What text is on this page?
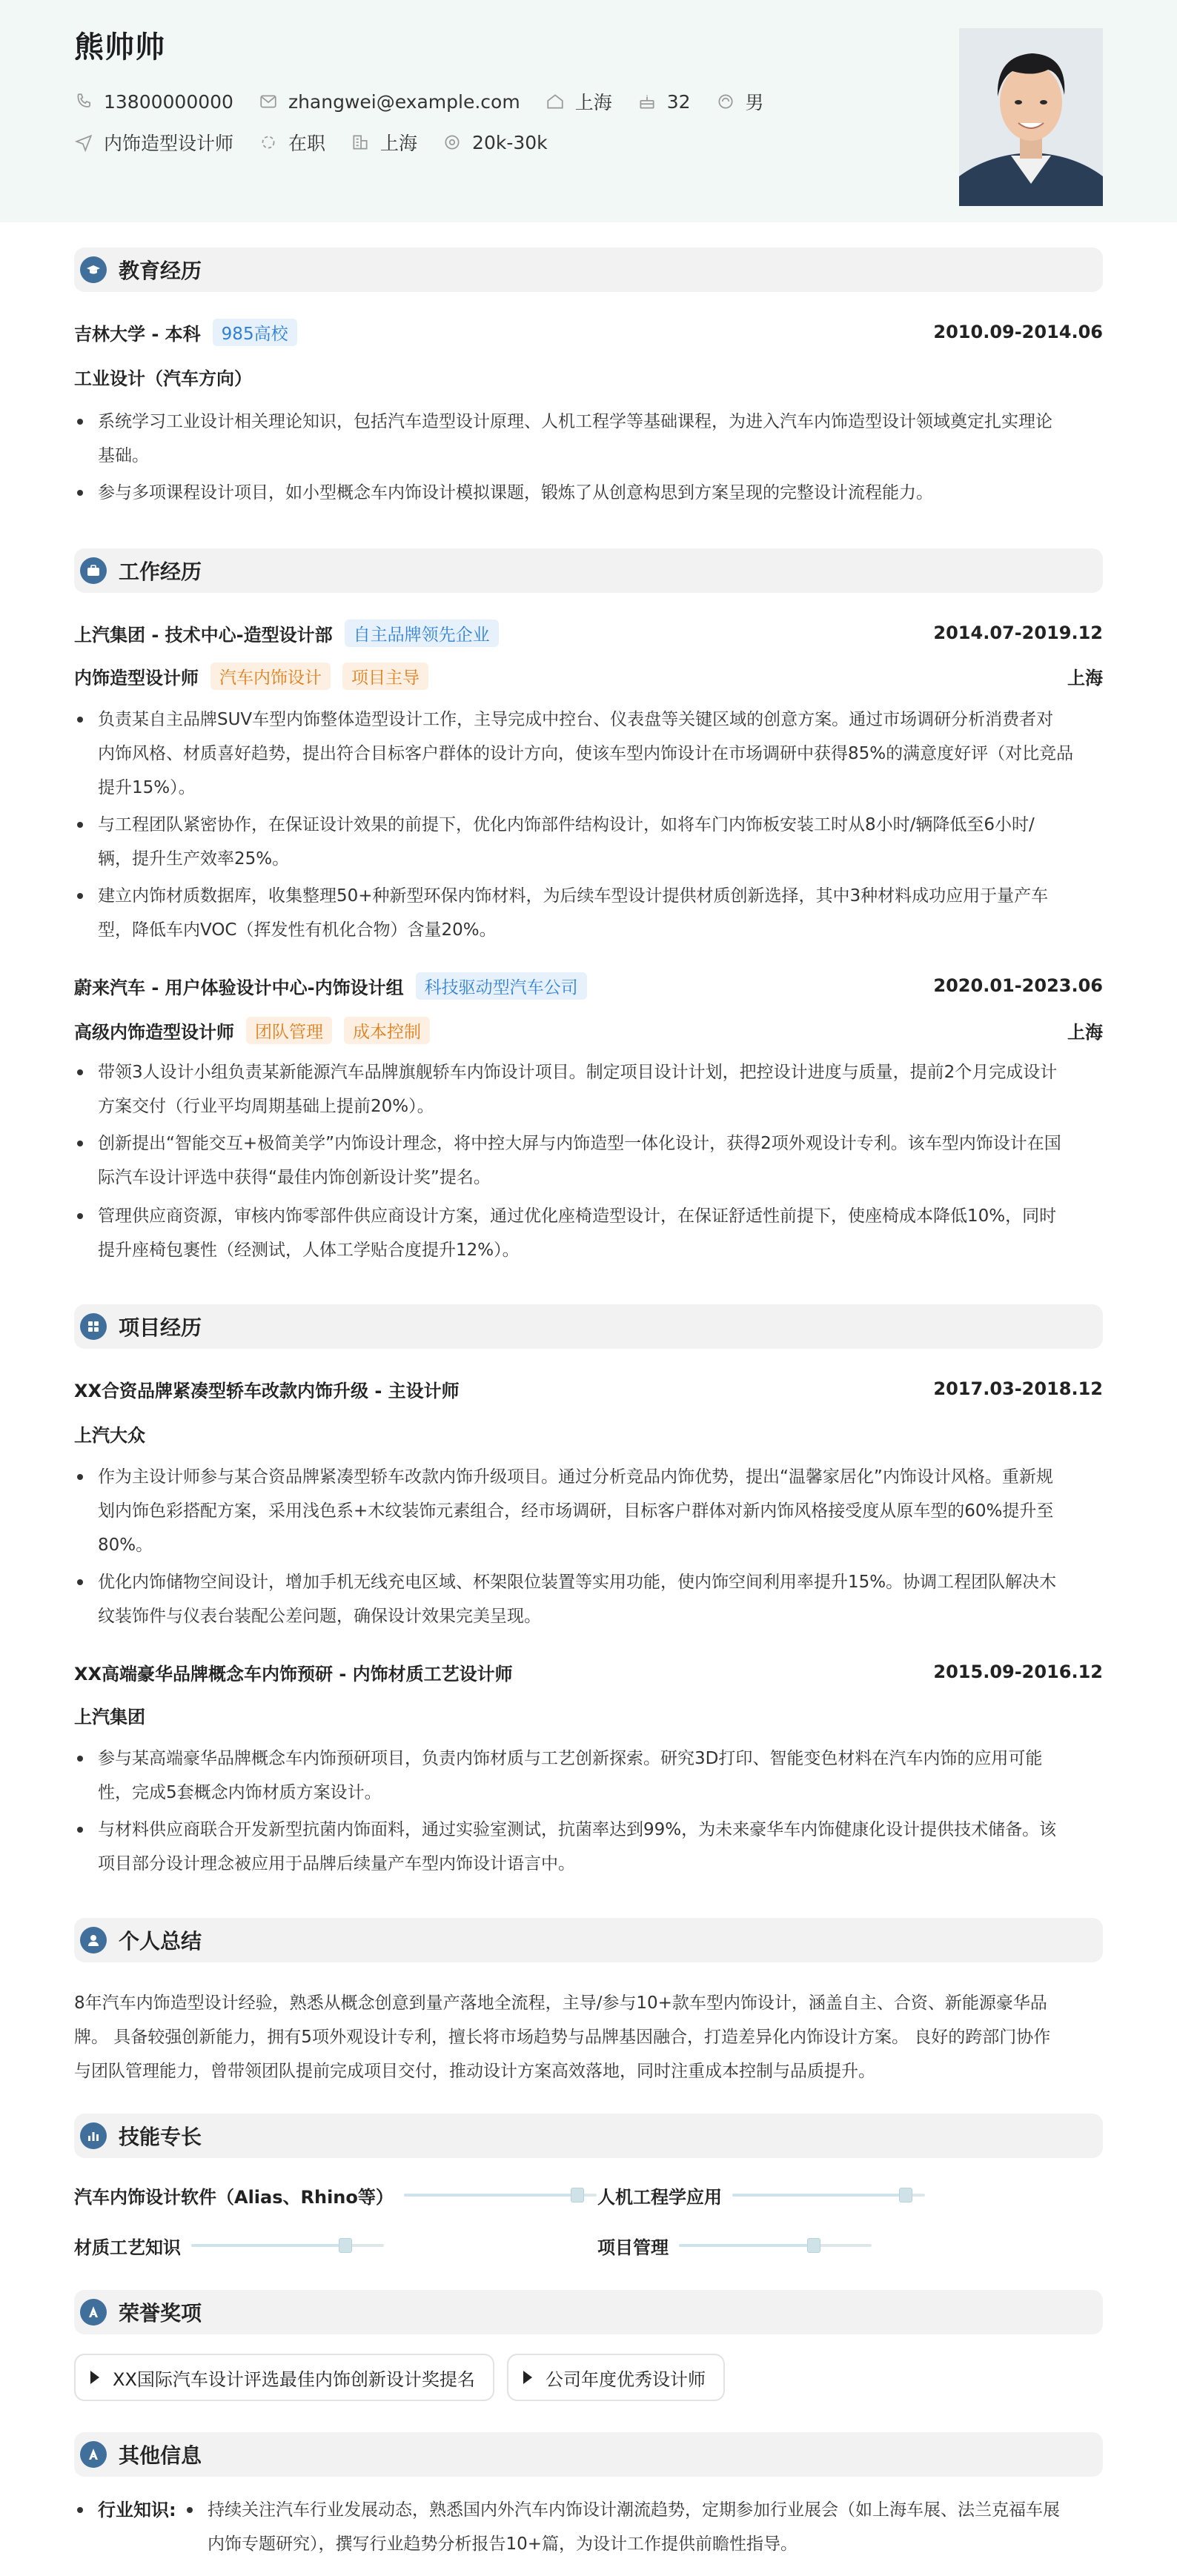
熊帅帅
13800000000	zhangwei@example.com	上海	32	男
内饰造型设计师	在职	上海	20k-30k
教育经历
吉林大学 - 本科	985高校	2010.09-2014.06
工业设计（汽车方向）
系统学习工业设计相关理论知识，包括汽车造型设计原理、人机工程学等基础课程，为进入汽车内饰造型设计领域奠定扎实理论
基础。
参与多项课程设计项目，如小型概念车内饰设计模拟课题，锻炼了从创意构思到方案呈现的完整设计流程能力。
工作经历
上汽集团 - 技术中心-造型设计部	自主品牌领先企业	2014.07-2019.12
内饰造型设计师	汽车内饰设计	项目主导	上海
负责某自主品牌SUV车型内饰整体造型设计工作，主导完成中控台、仪表盘等关键区域的创意方案。通过市场调研分析消费者对
内饰风格、材质喜好趋势，提出符合目标客户群体的设计方向，使该车型内饰设计在市场调研中获得85%的满意度好评（对比竞品
提升15%）。
与工程团队紧密协作，在保证设计效果的前提下，优化内饰部件结构设计，如将车门内饰板安装工时从8小时/辆降低至6小时/
辆，提升生产效率25%。
建立内饰材质数据库，收集整理50+种新型环保内饰材料，为后续车型设计提供材质创新选择，其中3种材料成功应用于量产车
型，降低车内VOC（挥发性有机化合物）含量20%。
蔚来汽车 - 用户体验设计中心-内饰设计组	科技驱动型汽车公司	2020.01-2023.06
高级内饰造型设计师	团队管理	成本控制	上海
带领3人设计小组负责某新能源汽车品牌旗舰轿车内饰设计项目。制定项目设计计划，把控设计进度与质量，提前2个月完成设计
方案交付（行业平均周期基础上提前20%）。
创新提出“智能交互+极简美学”内饰设计理念，将中控大屏与内饰造型一体化设计，获得2项外观设计专利。该车型内饰设计在国
际汽车设计评选中获得“最佳内饰创新设计奖”提名。
管理供应商资源，审核内饰零部件供应商设计方案，通过优化座椅造型设计，在保证舒适性前提下，使座椅成本降低10%，同时
提升座椅包裹性（经测试，人体工学贴合度提升12%）。
项目经历
XX合资品牌紧凑型轿车改款内饰升级 - 主设计师	2017.03-2018.12
上汽大众
作为主设计师参与某合资品牌紧凑型轿车改款内饰升级项目。通过分析竞品内饰优势，提出“温馨家居化”内饰设计风格。重新规
划内饰色彩搭配方案，采用浅色系+木纹装饰元素组合，经市场调研，目标客户群体对新内饰风格接受度从原车型的60%提升至
80%。
优化内饰储物空间设计，增加手机无线充电区域、杯架限位装置等实用功能，使内饰空间利用率提升15%。协调工程团队解决木
纹装饰件与仪表台装配公差问题，确保设计效果完美呈现。
XX高端豪华品牌概念车内饰预研 - 内饰材质工艺设计师	2015.09-2016.12
上汽集团
参与某高端豪华品牌概念车内饰预研项目，负责内饰材质与工艺创新探索。研究3D打印、智能变色材料在汽车内饰的应用可能
性，完成5套概念内饰材质方案设计。
与材料供应商联合开发新型抗菌内饰面料，通过实验室测试，抗菌率达到99%，为未来豪华车内饰健康化设计提供技术储备。该
项目部分设计理念被应用于品牌后续量产车型内饰设计语言中。
个人总结
8年汽车内饰造型设计经验，熟悉从概念创意到量产落地全流程，主导/参与10+款车型内饰设计，涵盖自主、合资、新能源豪华品
牌。 具备较强创新能力，拥有5项外观设计专利，擅长将市场趋势与品牌基因融合，打造差异化内饰设计方案。 良好的跨部门协作
与团队管理能力，曾带领团队提前完成项目交付，推动设计方案高效落地，同时注重成本控制与品质提升。
技能专长
汽车内饰设计软件（Alias、Rhino等）	人机工程学应用
材质工艺知识	项目管理
荣誉奖项
XX国际汽车设计评选最佳内饰创新设计奖提名	公司年度优秀设计师
其他信息
行业知识: 持续关注汽车行业发展动态，熟悉国内外汽车内饰设计潮流趋势，定期参加行业展会（如上海车展、法兰克福车展
内饰专题研究），撰写行业趋势分析报告10+篇，为设计工作提供前瞻性指导。
